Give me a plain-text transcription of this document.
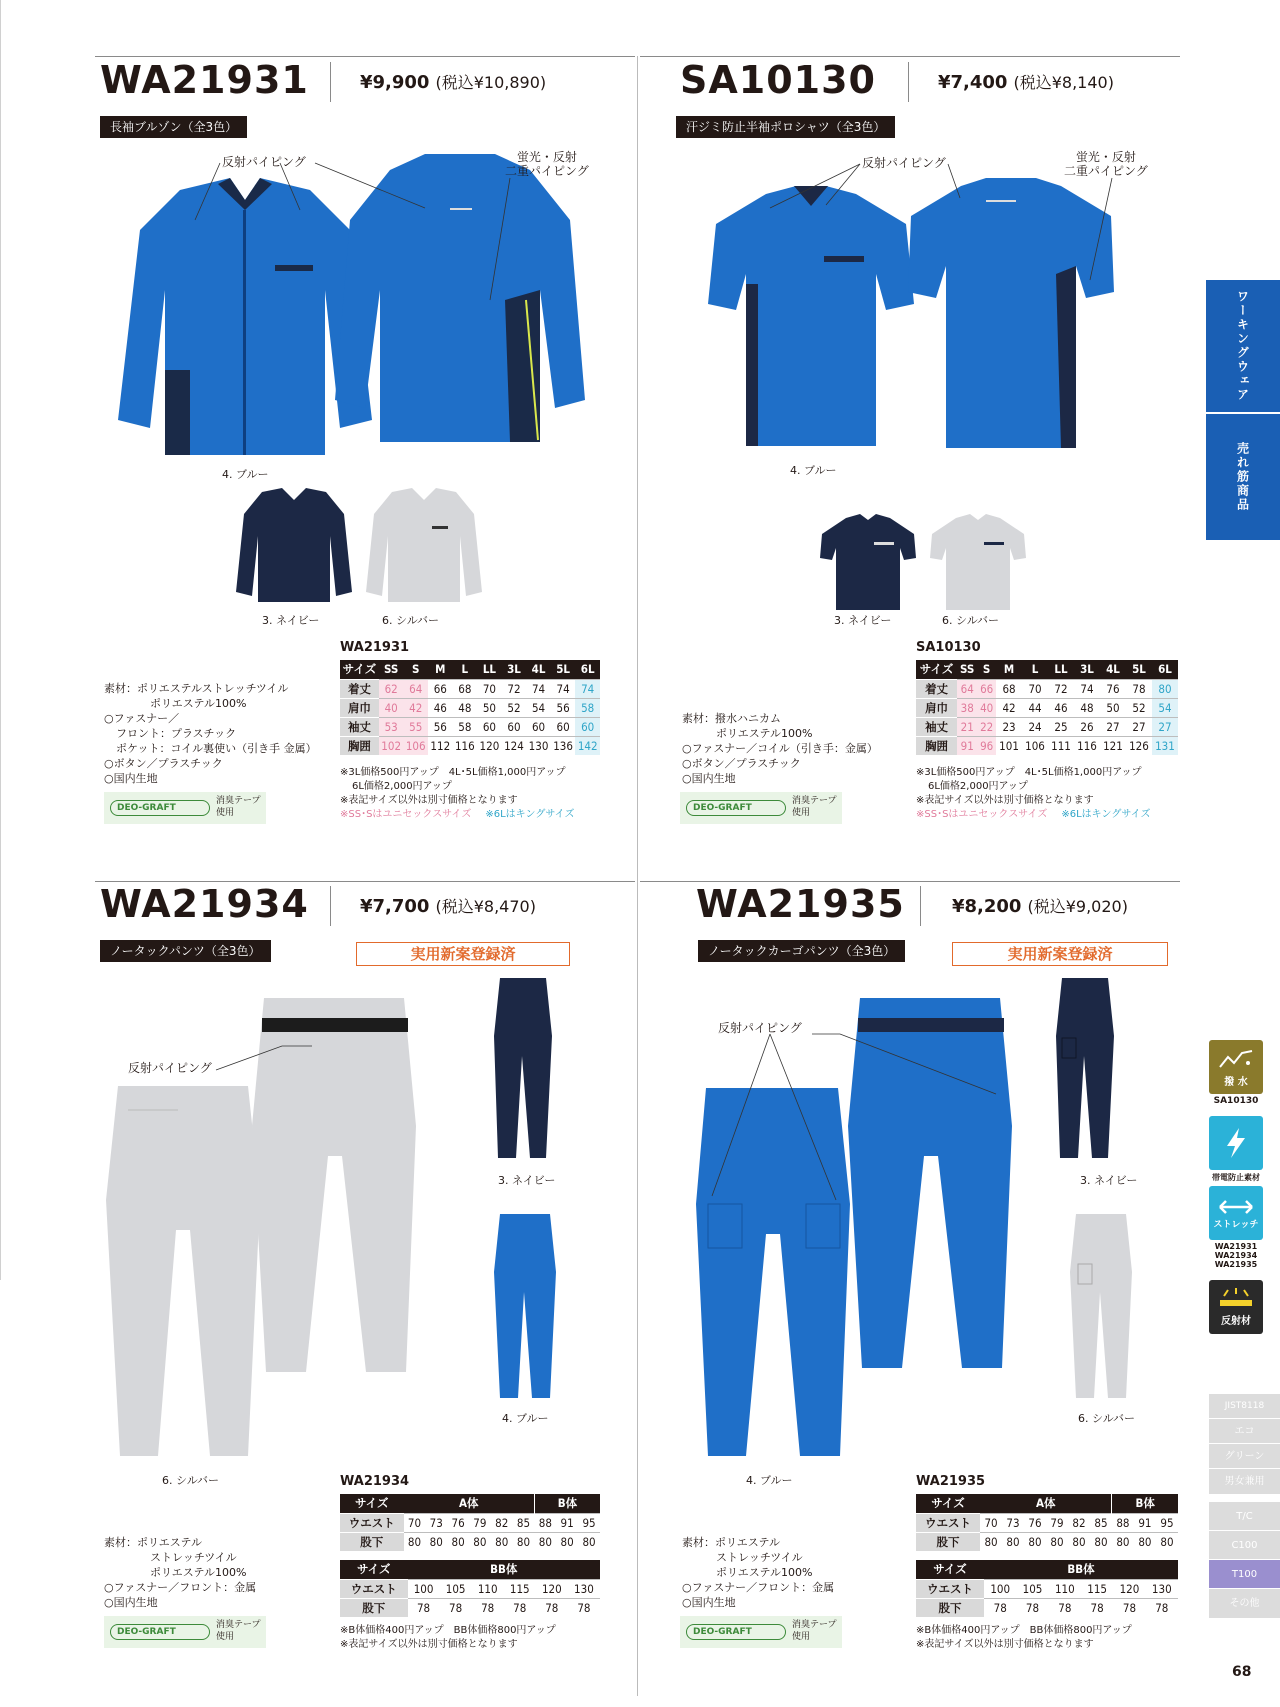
WA21931	¥9,900 (税込¥10,890)
長袖ブルゾン（全3色）
反射パイピング	蛍光・反射
二重パイピング
4. ブルー
3. ネイビー	6. シルバー
WA21931
サイズ	SS	S	M	L	LL	3L	4L	5L	6L
着丈	62	64	66	68	70	72	74	74	74
肩巾	40	42	46	48	50	52	54	56	58
袖丈	53	55	56	58	60	60	60	60	60
胸囲	102	106	112	116	120	124	130	136	142
素材：ポリエステルストレッチツイル
ポリエステル100%
○ファスナー／
フロント：プラスチック
ポケット：コイル裏使い（引き手 金属）
○ボタン／プラスチック
○国内生地
DEO-GRAFT
消臭テープ
使用
※3L価格500円アップ　4L･5L価格1,000円アップ
6L価格2,000円アップ
※表記サイズ以外は別寸価格となります
※SS･Sはユニセックスサイズ ※6Lはキングサイズ
SA10130	¥7,400 (税込¥8,140)
汗ジミ防止半袖ポロシャツ（全3色）
反射パイピング	蛍光・反射
二重パイピング
4. ブルー
3. ネイビー	6. シルバー
SA10130
サイズ	SS	S	M	L	LL	3L	4L	5L	6L
着丈	64	66	68	70	72	74	76	78	80
肩巾	38	40	42	44	46	48	50	52	54
袖丈	21	22	23	24	25	26	27	27	27
胸囲	91	96	101	106	111	116	121	126	131
素材：撥水ハニカム
ポリエステル100%
○ファスナー／コイル（引き手：金属）
○ボタン／プラスチック
○国内生地
DEO-GRAFT
消臭テープ
使用
※3L価格500円アップ　4L･5L価格1,000円アップ
6L価格2,000円アップ
※表記サイズ以外は別寸価格となります
※SS･Sはユニセックスサイズ ※6Lはキングサイズ
WA21934	¥7,700 (税込¥8,470)
ノータックパンツ（全3色）	実用新案登録済
反射パイピング
3. ネイビー
4. ブルー
6. シルバー	WA21934
サイズ	A体						B体		
ウエスト	70	73	76	79	82	85	88	91	95
股下	80	80	80	80	80	80	80	80	80
サイズ	BB体					
ウエスト	100	105	110	115	120	130
股下	78	78	78	78	78	78
素材：ポリエステル
ストレッチツイル
ポリエステル100%
○ファスナー／フロント：金属
○国内生地
DEO-GRAFT
消臭テープ
使用
※B体価格400円アップ　BB体価格800円アップ
※表記サイズ以外は別寸価格となります
WA21935	¥8,200 (税込¥9,020)
ノータックカーゴパンツ（全3色）	実用新案登録済
反射パイピング
3. ネイビー
6. シルバー
4. ブルー	WA21935
サイズ	A体						B体		
ウエスト	70	73	76	79	82	85	88	91	95
股下	80	80	80	80	80	80	80	80	80
サイズ	BB体					
ウエスト	100	105	110	115	120	130
股下	78	78	78	78	78	78
素材：ポリエステル
ストレッチツイル
ポリエステル100%
○ファスナー／フロント：金属
○国内生地
DEO-GRAFT
消臭テープ
使用
※B体価格400円アップ　BB体価格800円アップ
※表記サイズ以外は別寸価格となります
ワーキングウェア
売れ筋商品
撥 水
SA10130
帯電防止素材
ストレッチ
WA21931
WA21934
WA21935
反射材
JIST8118
エコ
グリーン
男女兼用
T/C
C100
T100
その他
68
